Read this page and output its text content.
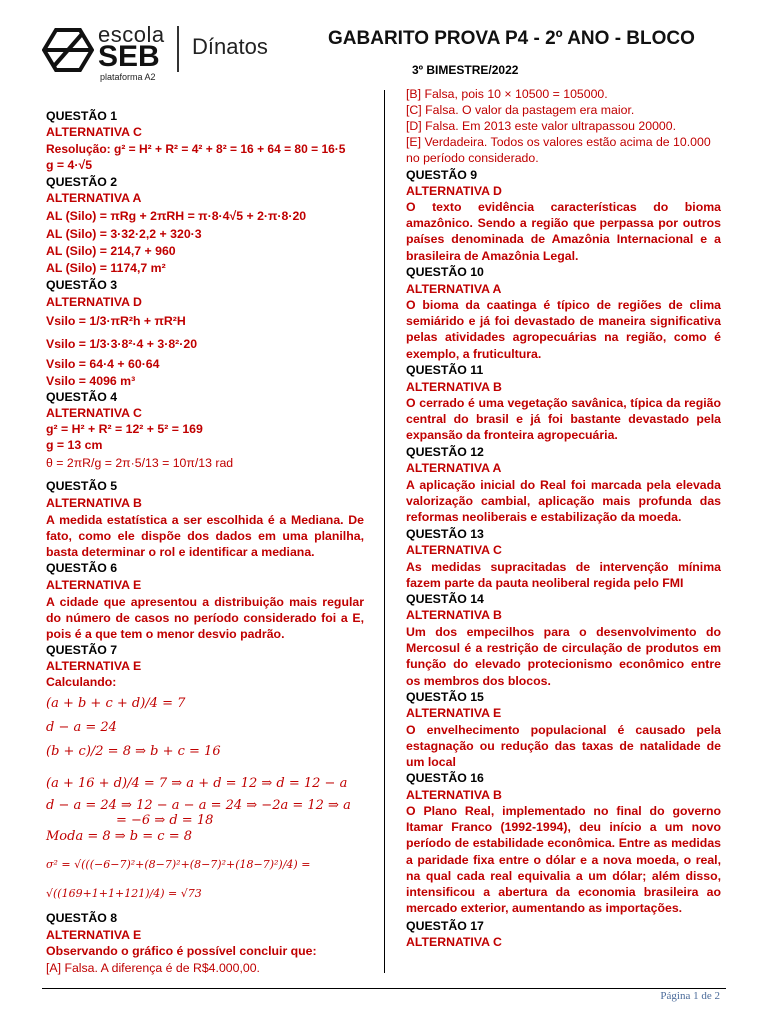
escola
SEB
plataforma A2
Dínatos	GABARITO PROVA P4 - 2º ANO - BLOCO
3º BIMESTRE/2022
QUESTÃO 1
ALTERNATIVA C
Resolução: g² = H² + R² = 4² + 8² = 16 + 64 = 80 = 16·5
g = 4·√5
QUESTÃO 2
ALTERNATIVA A
AL (Silo) = πRg + 2πRH = π·8·4√5 + 2·π·8·20
AL (Silo) = 3·32·2,2 + 320·3
AL (Silo) = 214,7 + 960
AL (Silo) = 1174,7 m²
QUESTÃO 3
ALTERNATIVA D
Vsilo = 1/3·πR²h + πR²H
Vsilo = 1/3·3·8²·4 + 3·8²·20
Vsilo = 64·4 + 60·64
Vsilo = 4096 m³
QUESTÃO 4
ALTERNATIVA C
g² = H² + R² = 12² + 5² = 169
g = 13 cm
θ = 2πR/g = 2π·5/13 = 10π/13 rad
QUESTÃO 5
ALTERNATIVA B
A medida estatística a ser escolhida é a Mediana. De fato, como ele dispõe dos dados em uma planilha, basta determinar o rol e identificar a mediana.
QUESTÃO 6
ALTERNATIVA E
A cidade que apresentou a distribuição mais regular do número de casos no período considerado foi a E, pois é a que tem o menor desvio padrão.
QUESTÃO 7
ALTERNATIVA E
Calculando:
(a + b + c + d)/4 = 7
d − a = 24
(b + c)/2 = 8 ⇒ b + c = 16
(a + 16 + d)/4 = 7 ⇒ a + d = 12 ⇒ d = 12 − a
d − a = 24 ⇒ 12 − a − a = 24 ⇒ −2a = 12 ⇒ a
= −6 ⇒ d = 18
Moda = 8 ⇒ b = c = 8
σ² = √(((−6−7)²+(8−7)²+(8−7)²+(18−7)²)/4) =
√((169+1+1+121)/4) = √73
QUESTÃO 8
ALTERNATIVA E
Observando o gráfico é possível concluir que:
[A] Falsa. A diferença é de R$4.000,00.
[B] Falsa, pois 10 × 10500 = 105000.
[C] Falsa. O valor da pastagem era maior.
[D] Falsa. Em 2013 este valor ultrapassou 20000.
[E] Verdadeira. Todos os valores estão acima de 10.000 no período considerado.
QUESTÃO 9
ALTERNATIVA D
O texto evidência características do bioma amazônico. Sendo a região que perpassa por outros países denominada de Amazônia Internacional e a brasileira de Amazônia Legal.
QUESTÃO 10
ALTERNATIVA A
O bioma da caatinga é típico de regiões de clima semiárido e já foi devastado de maneira significativa pelas atividades agropecuárias na região, como é exemplo, a fruticultura.
QUESTÃO 11
ALTERNATIVA B
O cerrado é uma vegetação savânica, típica da região central do brasil e já foi bastante devastado pela expansão da fronteira agropecuária.
QUESTÃO 12
ALTERNATIVA A
A aplicação inicial do Real foi marcada pela elevada valorização cambial, aplicação mais profunda das reformas neoliberais e estabilização da moeda.
QUESTÃO 13
ALTERNATIVA C
As medidas supracitadas de intervenção mínima fazem parte da pauta neoliberal regida pelo FMI
QUESTÃO 14
ALTERNATIVA B
Um dos empecilhos para o desenvolvimento do Mercosul é a restrição de circulação de produtos em função do elevado protecionismo econômico entre os membros dos blocos.
QUESTÃO 15
ALTERNATIVA E
O envelhecimento populacional é causado pela estagnação ou redução das taxas de natalidade de um local
QUESTÃO 16
ALTERNATIVA B
O Plano Real, implementado no final do governo Itamar Franco (1992-1994), deu início a um novo período de estabilidade econômica. Entre as medidas a paridade fixa entre o dólar e a nova moeda, o real, na qual cada real equivalia a um dólar; além disso, intensificou a abertura da economia brasileira ao mercado exterior, aumentando as importações.
QUESTÃO 17
ALTERNATIVA C
Página 1 de 2
